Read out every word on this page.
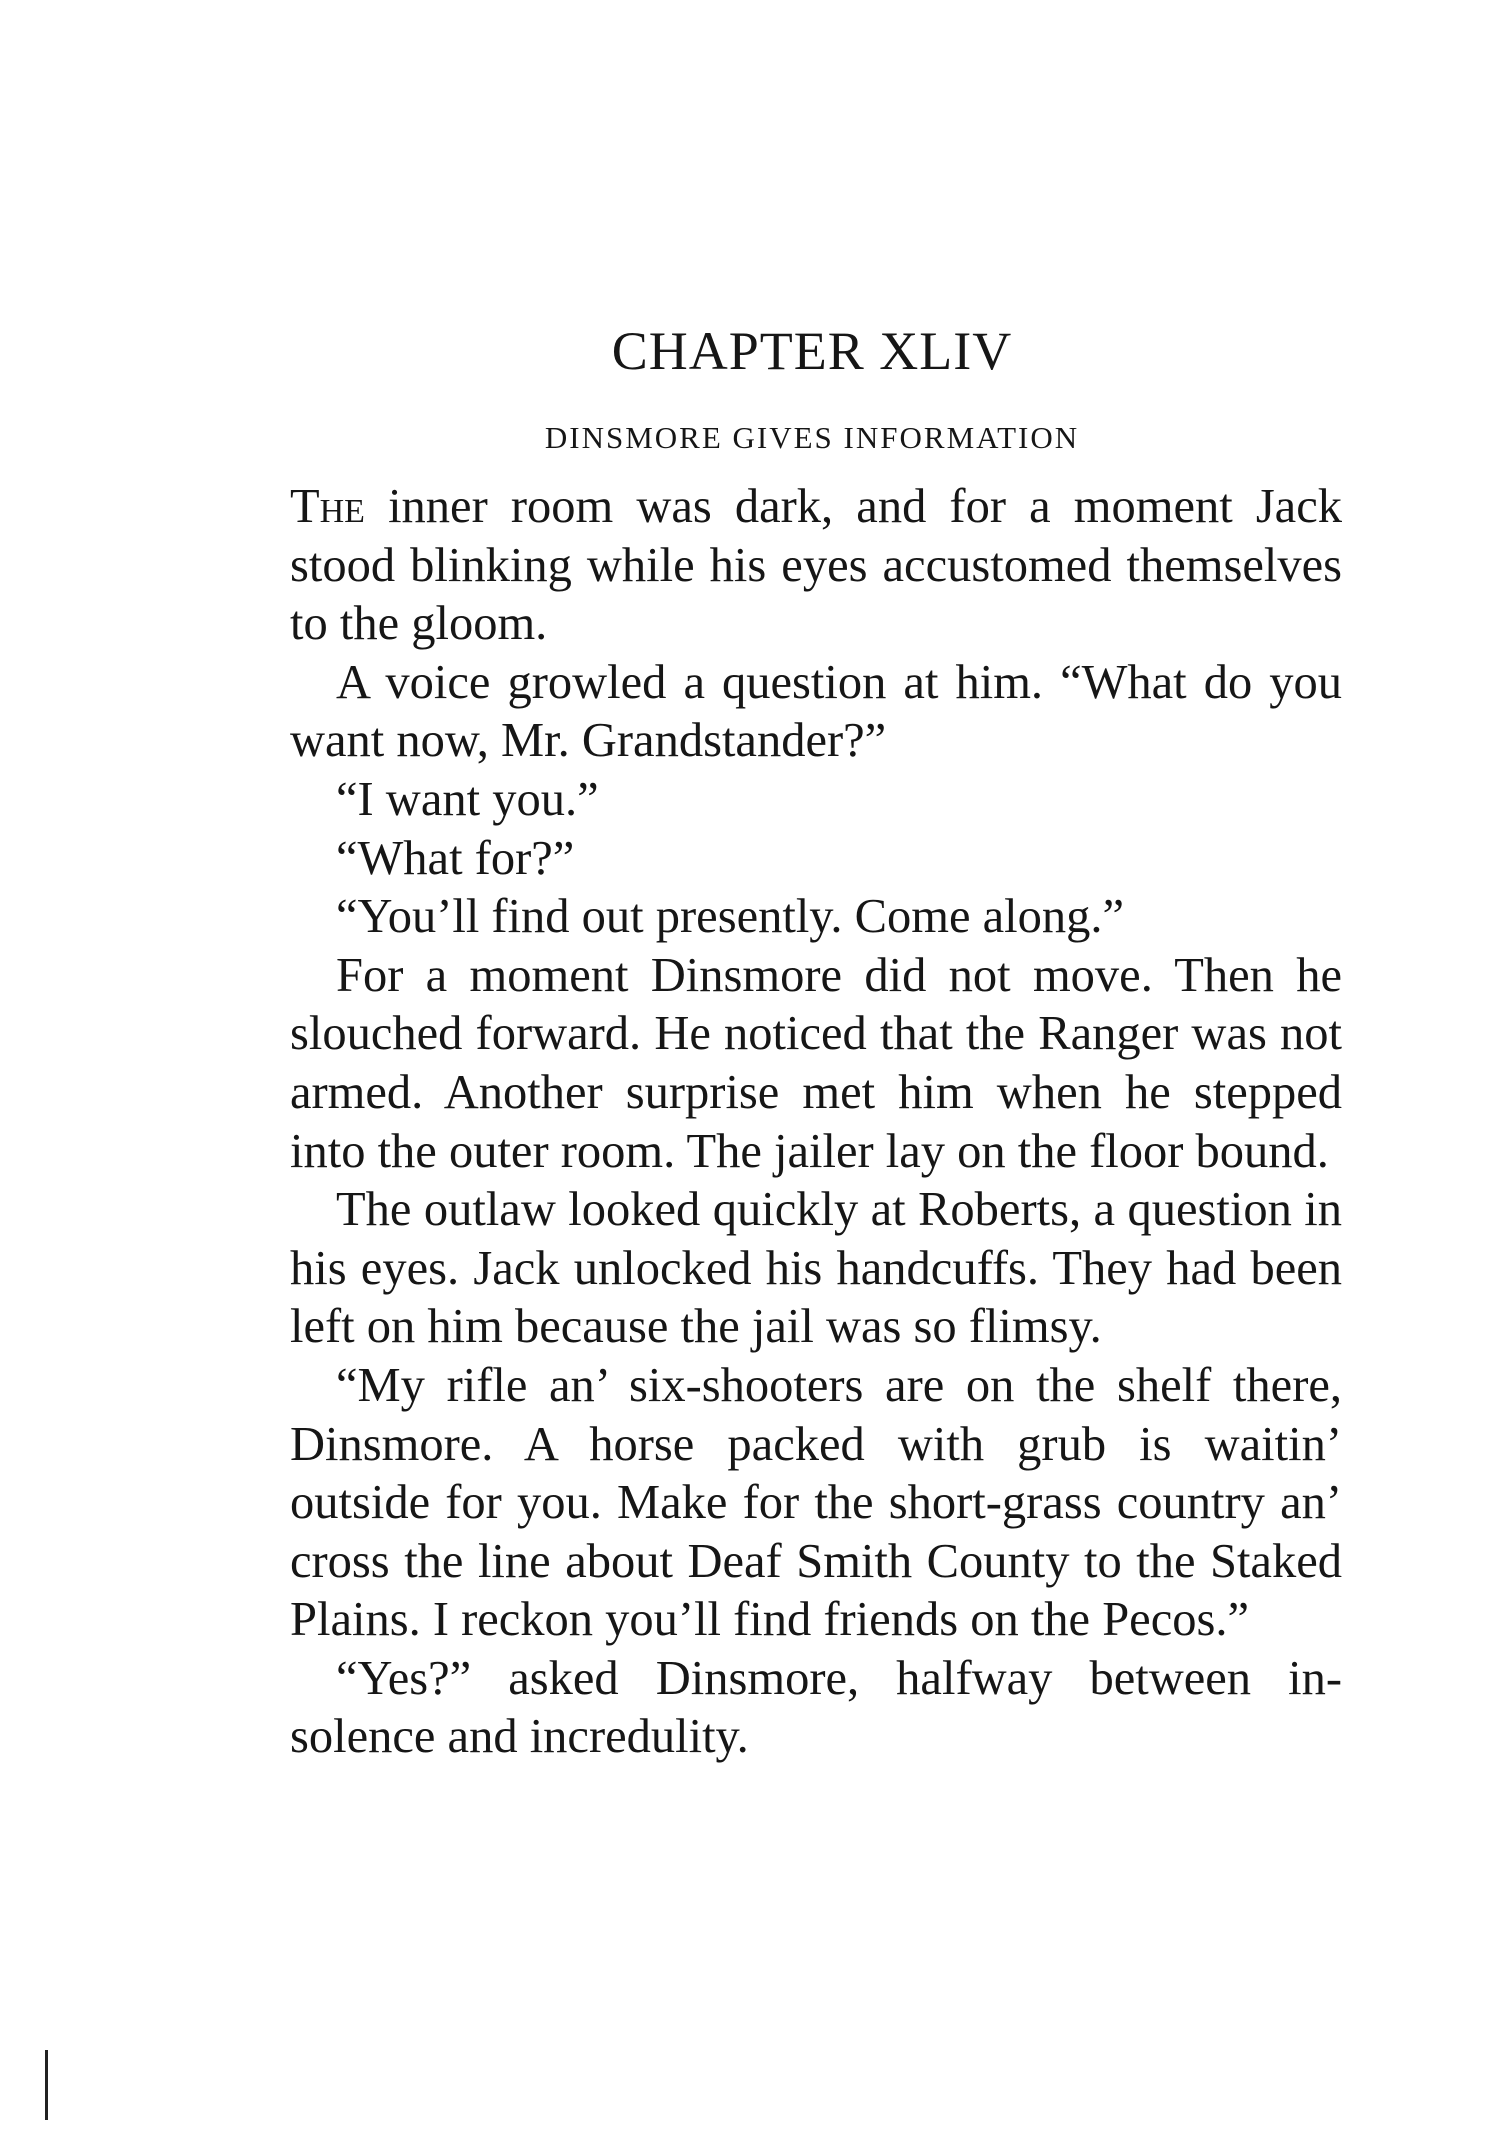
CHAPTER XLIV
DINSMORE GIVES INFORMATION

The inner room was dark, and for a moment Jack stood blinking while his eyes accustomed themselves to the gloom.

A voice growled a question at him. “What do you want now, Mr. Grandstander?”

“I want you.”

“What for?”

“You’ll find out presently. Come along.”

For a moment Dinsmore did not move. Then he slouched forward. He noticed that the Ranger was not armed. Another surprise met him when he stepped into the outer room. The jailer lay on the floor bound.

The outlaw looked quickly at Roberts, a question in his eyes. Jack unlocked his handcuffs. They had been left on him because the jail was so flimsy.

“My rifle an’ six-shooters are on the shelf there, Dinsmore. A horse packed with grub is waitin’ outside for you. Make for the short-grass country an’ cross the line about Deaf Smith County to the Staked Plains. I reckon you’ll find friends on the Pecos.”

“Yes?” asked Dinsmore, halfway between insolence and incredulity.
